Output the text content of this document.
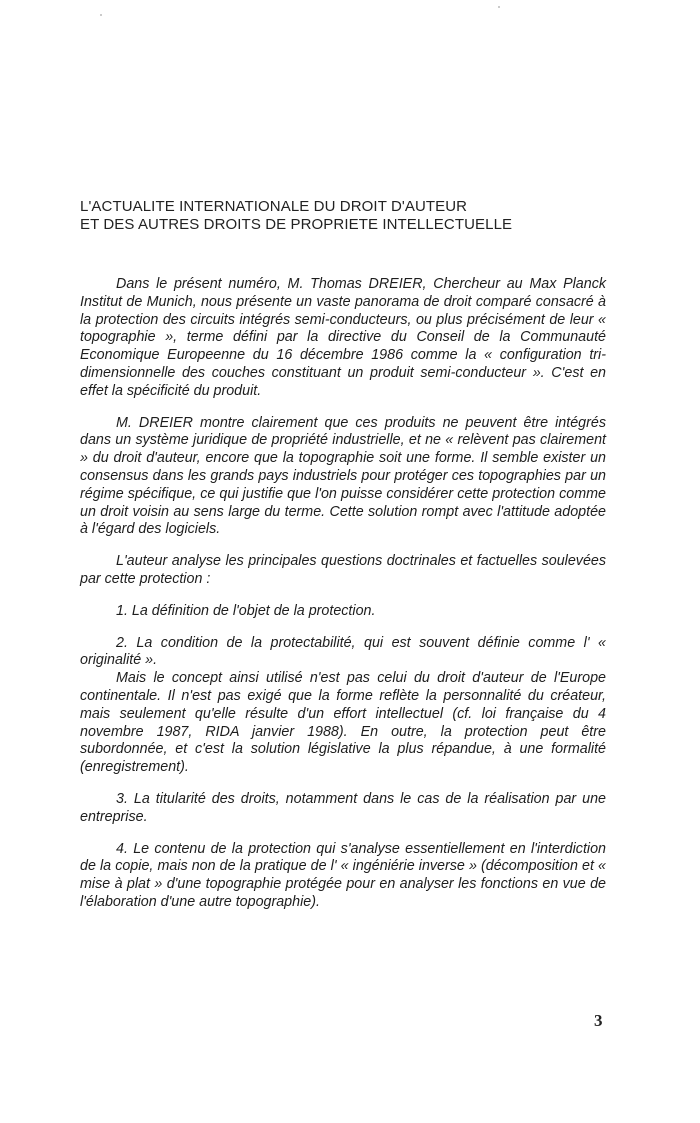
L'ACTUALITE INTERNATIONALE DU DROIT D'AUTEUR
ET DES AUTRES DROITS DE PROPRIETE INTELLECTUELLE

Dans le présent numéro, M. Thomas DREIER, Chercheur au Max Planck Institut de Munich, nous présente un vaste panorama de droit comparé consacré à la protection des circuits intégrés semi-conducteurs, ou plus précisément de leur « topographie », terme défini par la directive du Conseil de la Communauté Economique Europeenne du 16 décembre 1986 comme la « configuration tri-dimensionnelle des couches constituant un produit semi-conducteur ». C'est en effet la spécificité du produit.

M. DREIER montre clairement que ces produits ne peuvent être intégrés dans un système juridique de propriété industrielle, et ne « relèvent pas clairement » du droit d'auteur, encore que la topographie soit une forme. Il semble exister un consensus dans les grands pays industriels pour protéger ces topographies par un régime spécifique, ce qui justifie que l'on puisse considérer cette protection comme un droit voisin au sens large du terme. Cette solution rompt avec l'attitude adoptée à l'égard des logiciels.

L'auteur analyse les principales questions doctrinales et factuelles soulevées par cette protection :

1. La définition de l'objet de la protection.

2. La condition de la protectabilité, qui est souvent définie comme l' « originalité ».

Mais le concept ainsi utilisé n'est pas celui du droit d'auteur de l'Europe continentale. Il n'est pas exigé que la forme reflète la personnalité du créateur, mais seulement qu'elle résulte d'un effort intellectuel (cf. loi française du 4 novembre 1987, RIDA janvier 1988). En outre, la protection peut être subordonnée, et c'est la solution législative la plus répandue, à une formalité (enregistrement).

3. La titularité des droits, notamment dans le cas de la réalisation par une entreprise.

4. Le contenu de la protection qui s'analyse essentiellement en l'interdiction de la copie, mais non de la pratique de l' « ingéniérie inverse » (décomposition et « mise à plat » d'une topographie protégée pour en analyser les fonctions en vue de l'élaboration d'une autre topographie).

3
